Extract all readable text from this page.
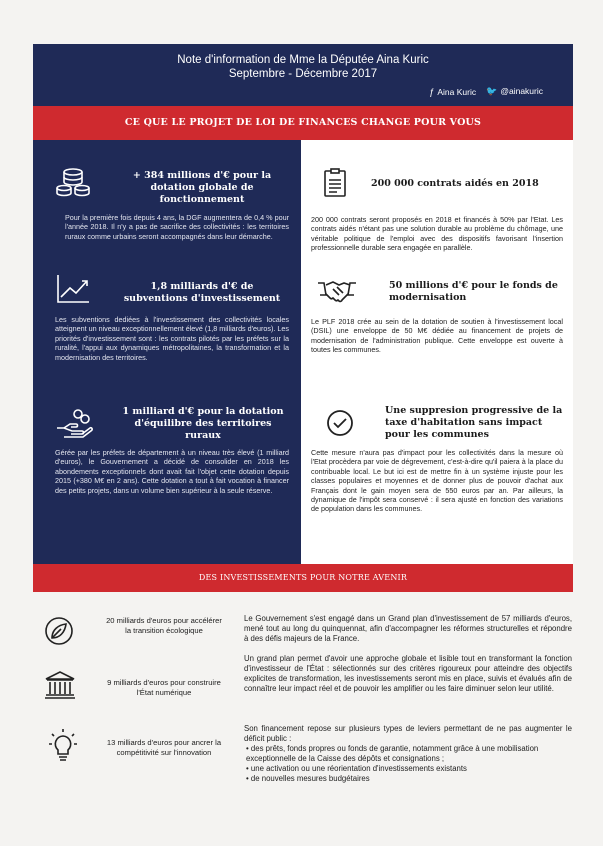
Note d'information de Mme la Députée Aina Kuric
Septembre - Décembre 2017
ƒ Aina Kuric 🐦 @ainakuric
CE QUE LE PROJET DE LOI DE FINANCES CHANGE POUR VOUS
+ 384 millions d'€ pour la dotation globale de fonctionnement
Pour la première fois depuis 4 ans, la DGF augmentera de 0,4 % pour l'année 2018. Il n'y a pas de sacrifice des collectivités : les territoires ruraux comme urbains seront accompagnés dans leur démarche.
1,8 milliards d'€ de subventions d'investissement
Les subventions dediées à l'investissement des collectivités locales atteignent un niveau exceptionnellement élevé (1,8 milliards d'euros). Les priorités d'investissement sont : les contrats pilotés par les préfets sur la ruralité, l'appui aux dynamiques métropolitaines, la transformation et la modernisation des territoires.
1 milliard d'€ pour la dotation d'équilibre des territoires ruraux
Gérée par les préfets de département à un niveau très élevé (1 milliard d'euros), le Gouvernement a décidé de consolider en 2018 les abondements exceptionnels dont avait fait l'objet cette dotation depuis 2015 (+380 M€ en 2 ans). Cette dotation a tout à fait vocation à financer des petits projets, dans un volume bien supérieur à la seule réserve.
200 000 contrats aidés en 2018
200 000 contrats seront proposés en 2018 et financés à 50% par l'Etat. Les contrats aidés n'étant pas une solution durable au problème du chômage, une véritable politique de l'emploi avec des dispositifs favorisant l'insertion professionnelle durable sera engagée en parallèle.
50 millions d'€ pour le fonds de modernisation
Le PLF 2018 crée au sein de la dotation de soutien à l'investissement local (DSIL) une enveloppe de 50 M€ dédiée au financement de projets de modernisation de l'administration publique. Cette enveloppe est ouverte à toutes les communes.
Une suppresion progressive de la taxe d'habitation sans impact pour les communes
Cette mesure n'aura pas d'impact pour les collectivités dans la mesure où l'Etat procèdera par voie de dégrevement, c'est-à-dire qu'il paiera à la place du contribuable local. Le but ici est de mettre fin à un système injuste pour les classes populaires et moyennes et de donner plus de pouvoir d'achat aux Français dont le gain moyen sera de 550 euros par an. Par ailleurs, la dynamique de l'impôt sera conservé : il sera ajusté en fonction des variations de population dans les communes.
DES INVESTISSEMENTS POUR NOTRE AVENIR
20 milliards d'euros pour accélérer la transition écologique
9 milliards d'euros pour construire l'État numérique
13 milliards d'euros pour ancrer la compétitivité sur l'innovation
Le Gouvernement s'est engagé dans un Grand plan d'investissement de 57 milliards d'euros, mené tout au long du quinquennat, afin d'accompagner les réformes structurelles et répondre à des défis majeurs de la France.
Un grand plan permet d'avoir une approche globale et lisible tout en transformant la fonction d'investisseur de l'État : sélectionnés sur des critères rigoureux pour atteindre des objectifs explicites de transformation, les investissements seront mis en place, suivis et évalués afin de connaître leur impact réel et de pouvoir les amplifier ou les faire diminuer selon leur utilité.
Son financement repose sur plusieurs types de leviers permettant de ne pas augmenter le déficit public :
• des prêts, fonds propres ou fonds de garantie, notamment grâce à une mobilisation exceptionnelle de la Caisse des dépôts et consignations ;
• une activation ou une réorientation d'investissements existants
• de nouvelles mesures budgétaires
